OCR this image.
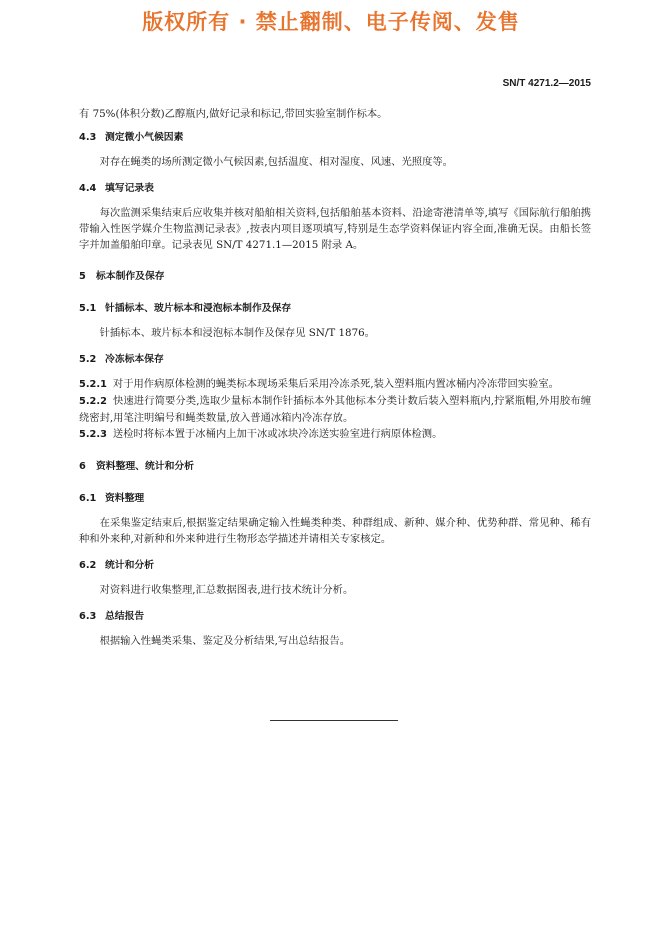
版权所有 · 禁止翻制、电子传阅、发售
SN/T 4271.2—2015

有 75%(体积分数)乙醇瓶内,做好记录和标记,带回实验室制作标本。

4.3 测定微小气候因素

对存在蝇类的场所测定微小气候因素,包括温度、相对湿度、风速、光照度等。

4.4 填写记录表

每次监测采集结束后应收集并核对船舶相关资料,包括船舶基本资料、沿途寄港清单等,填写《国际航行船舶携带输入性医学媒介生物监测记录表》,按表内项目逐项填写,特别是生态学资料保证内容全面,准确无误。由船长签字并加盖船舶印章。记录表见 SN/T 4271.1—2015 附录 A。

5 标本制作及保存

5.1 针插标本、玻片标本和浸泡标本制作及保存

针插标本、玻片标本和浸泡标本制作及保存见 SN/T 1876。

5.2 冷冻标本保存

5.2.1 对于用作病原体检测的蝇类标本现场采集后采用冷冻杀死,装入塑料瓶内置冰桶内冷冻带回实验室。

5.2.2 快速进行简要分类,选取少量标本制作针插标本外其他标本分类计数后装入塑料瓶内,拧紧瓶帽,外用胶布缠绕密封,用笔注明编号和蝇类数量,放入普通冰箱内冷冻存放。

5.2.3 送检时将标本置于冰桶内上加干冰或冰块冷冻送实验室进行病原体检测。

6 资料整理、统计和分析

6.1 资料整理

在采集鉴定结束后,根据鉴定结果确定输入性蝇类种类、种群组成、新种、媒介种、优势种群、常见种、稀有种和外来种,对新种和外来种进行生物形态学描述并请相关专家核定。

6.2 统计和分析

对资料进行收集整理,汇总数据图表,进行技术统计分析。

6.3 总结报告

根据输入性蝇类采集、鉴定及分析结果,写出总结报告。
